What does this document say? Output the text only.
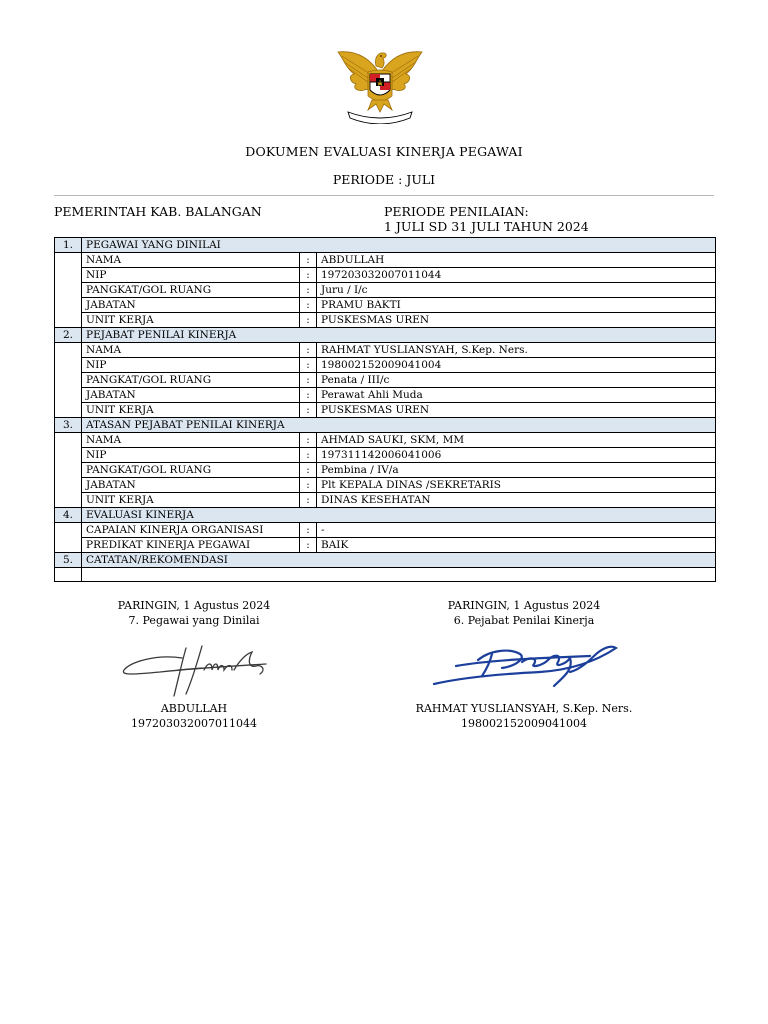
DOKUMEN EVALUASI KINERJA PEGAWAI
PERIODE : JULI
PEMERINTAH KAB. BALANGAN	PERIODE PENILAIAN:
1 JULI SD 31 JULI TAHUN 2024
1.	PEGAWAI YANG DINILAI		
	NAMA	:	ABDULLAH
	NIP	:	197203032007011044
	PANGKAT/GOL RUANG	:	Juru / I/c
	JABATAN	:	PRAMU BAKTI
	UNIT KERJA	:	PUSKESMAS UREN
2.	PEJABAT PENILAI KINERJA		
	NAMA	:	RAHMAT YUSLIANSYAH, S.Kep. Ners.
	NIP	:	198002152009041004
	PANGKAT/GOL RUANG	:	Penata / III/c
	JABATAN	:	Perawat Ahli Muda
	UNIT KERJA	:	PUSKESMAS UREN
3.	ATASAN PEJABAT PENILAI KINERJA		
	NAMA	:	AHMAD SAUKI, SKM, MM
	NIP	:	197311142006041006
	PANGKAT/GOL RUANG	:	Pembina / IV/a
	JABATAN	:	Plt KEPALA DINAS /SEKRETARIS
	UNIT KERJA	:	DINAS KESEHATAN
4.	EVALUASI KINERJA		
	CAPAIAN KINERJA ORGANISASI	:	-
	PREDIKAT KINERJA PEGAWAI	:	BAIK
5.	CATATAN/REKOMENDASI		

PARINGIN, 1 Agustus 2024
7. Pegawai yang Dinilai
PARINGIN, 1 Agustus 2024
6. Pejabat Penilai Kinerja
ABDULLAH
197203032007011044
RAHMAT YUSLIANSYAH, S.Kep. Ners.
198002152009041004
